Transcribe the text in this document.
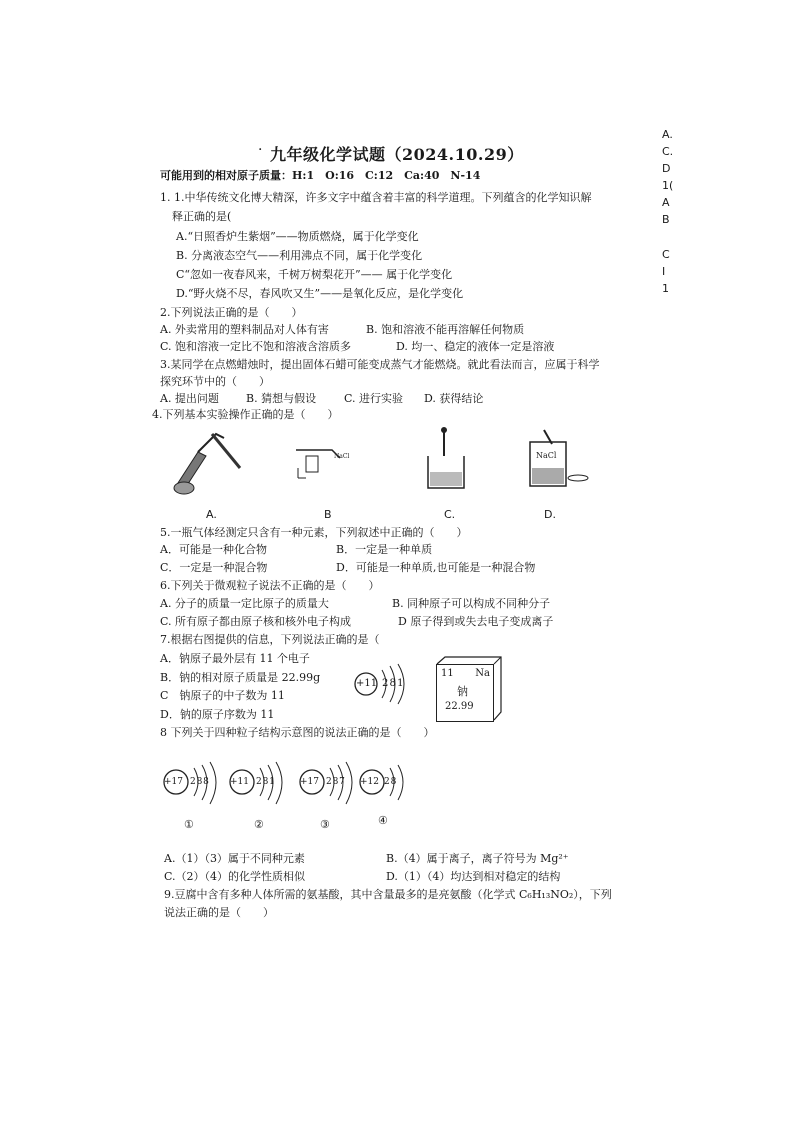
A.
C.
D
1(
A
B
C
I
1
· 九年级化学试题（2024.10.29）
可能用到的相对原子质量：H:1　O:16　C:12　Ca:40　N-14
1. 1.中华传统文化博大精深，许多文字中蕴含着丰富的科学道理。下列蕴含的化学知识解
释正确的是(
A.“日照香炉生紫烟”——物质燃烧，属于化学变化
B. 分离液态空气——利用沸点不同，属于化学变化
C“忽如一夜春风来，千树万树梨花开”—— 属于化学变化
D.“野火烧不尽，春风吹又生”——是氧化反应，是化学变化
2.下列说法正确的是（　　）
A. 外卖常用的塑料制品对人体有害	B. 饱和溶液不能再溶解任何物质
C. 饱和溶液一定比不饱和溶液含溶质多	D. 均一、稳定的液体一定是溶液
3.某同学在点燃蜡烛时，提出固体石蜡可能变成蒸气才能燃烧。就此看法而言，应属于科学
探究环节中的（　　）
A. 提出问题 B. 猜想与假设	C. 进行实验 D. 获得结论
4.下列基本实验操作正确的是（　　）
NaCl	NaCl
A.	B	C.	D.
5.一瓶气体经测定只含有一种元素，下列叙述中正确的（　　）
A．可能是一种化合物	B．一定是一种单质
C．一定是一种混合物	D．可能是一种单质,也可能是一种混合物
6.下列关于微观粒子说法不正确的是（　　）
A. 分子的质量一定比原子的质量大	B. 同种原子可以构成不同种分子
C. 所有原子都由原子核和核外电子构成	D 原子得到或失去电子变成离子
7.根据右图提供的信息，下列说法正确的是（
A．钠原子最外层有 11 个电子
B．钠的相对原子质量是 22.99g
C　钠原子的中子数为 11
D．钠的原子序数为 11
+11 2 8 1
11 Na
钠
22.99
8 下列关于四种粒子结构示意图的说法正确的是（　　）
+17 2 8 8 +11 2 8 1	+17 2 8 7 +12 2 8
①	②	③	④
A.（1）（3）属于不同种元素	B.（4）属于离子，离子符号为 Mg²⁺
C.（2）（4）的化学性质相似	D.（1）（4）均达到相对稳定的结构
9.豆腐中含有多种人体所需的氨基酸，其中含量最多的是亮氨酸（化学式 C₆H₁₃NO₂），下列
说法正确的是（　　）
